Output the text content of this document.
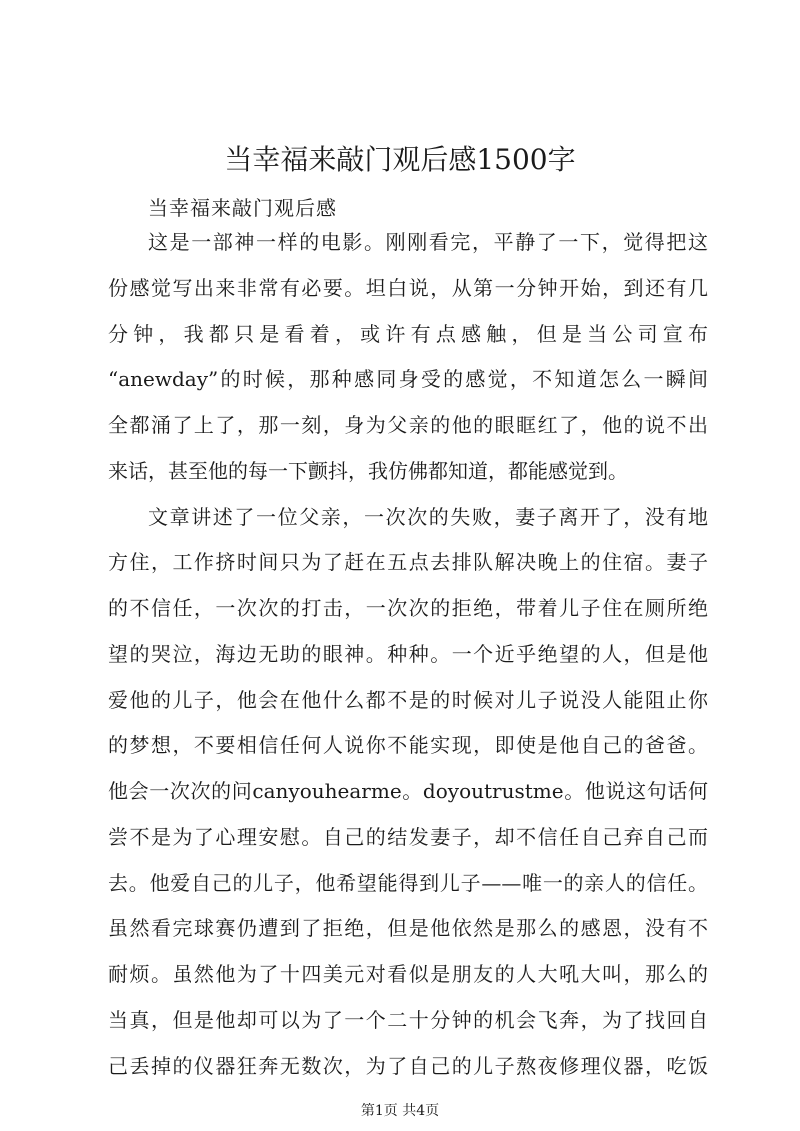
当幸福来敲门观后感1500字
当幸福来敲门观后感
这是一部神一样的电影。刚刚看完，平静了一下，觉得把这
份感觉写出来非常有必要。坦白说，从第一分钟开始，到还有几
分钟，我都只是看着，或许有点感触，但是当公司宣布
“anewday”的时候，那种感同身受的感觉，不知道怎么一瞬间
全都涌了上了，那一刻，身为父亲的他的眼眶红了，他的说不出
来话，甚至他的每一下颤抖，我仿佛都知道，都能感觉到。
文章讲述了一位父亲，一次次的失败，妻子离开了，没有地
方住，工作挤时间只为了赶在五点去排队解决晚上的住宿。妻子
的不信任，一次次的打击，一次次的拒绝，带着儿子住在厕所绝
望的哭泣，海边无助的眼神。种种。一个近乎绝望的人，但是他
爱他的儿子，他会在他什么都不是的时候对儿子说没人能阻止你
的梦想，不要相信任何人说你不能实现，即使是他自己的爸爸。
他会一次次的问canyouhearme。doyoutrustme。他说这句话何
尝不是为了心理安慰。自己的结发妻子，却不信任自己弃自己而
去。他爱自己的儿子，他希望能得到儿子——唯一的亲人的信任。
虽然看完球赛仍遭到了拒绝，但是他依然是那么的感恩，没有不
耐烦。虽然他为了十四美元对看似是朋友的人大吼大叫，那么的
当真，但是他却可以为了一个二十分钟的机会飞奔，为了找回自
己丢掉的仪器狂奔无数次，为了自己的儿子熬夜修理仪器，吃饭
第1页 共4页
